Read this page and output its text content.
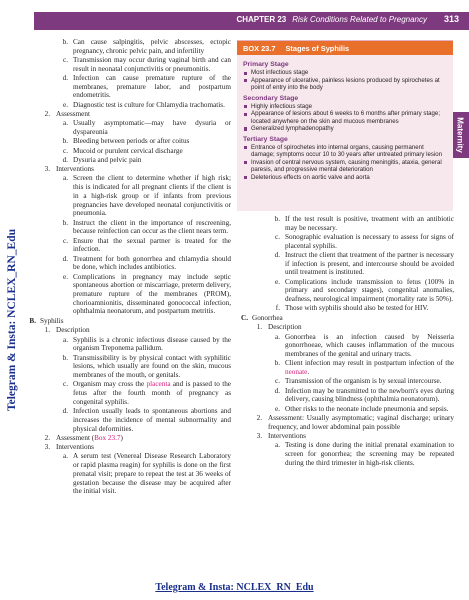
CHAPTER 23 Risk Conditions Related to Pregnancy 313
Maternity
Telegram & Insta: NCLEX_RN_Edu
b. Can cause salpingitis, pelvic abscesses, ectopic pregnancy, chronic pelvic pain, and infertility
c. Transmission may occur during vaginal birth and can result in neonatal conjunctivitis or pneumonitis.
d. Infection can cause premature rupture of the membranes, premature labor, and postpartum endometritis.
e. Diagnostic test is culture for Chlamydia trachomatis.
2. Assessment
a. Usually asymptomatic—may have dysuria or dyspareunia
b. Bleeding between periods or after coitus
c. Mucoid or purulent cervical discharge
d. Dysuria and pelvic pain
3. Interventions
a. Screen the client to determine whether if high risk; this is indicated for all pregnant clients if the client is in a high-risk group or if infants from previous pregnancies have developed neonatal conjunctivitis or pneumonia.
b. Instruct the client in the importance of rescreening, because reinfection can occur as the client nears term.
c. Ensure that the sexual partner is treated for the infection.
d. Treatment for both gonorrhea and chlamydia should be done, which includes antibiotics.
e. Complications in pregnancy may include septic spontaneous abortion or miscarriage, preterm delivery, premature rupture of the membranes (PROM), chorioamnionitis, disseminated gonococcal infection, ophthalmia neonatorum, and postpartum metritis.
B. Syphilis
1. Description
a. Syphilis is a chronic infectious disease caused by the organism Treponema pallidum.
b. Transmissibility is by physical contact with syphilitic lesions, which usually are found on the skin, mucous membranes of the mouth, or genitals.
c. Organism may cross the placenta and is passed to the fetus after the fourth month of pregnancy as congenital syphilis.
d. Infection usually leads to spontaneous abortions and increases the incidence of mental subnormality and physical deformities.
2. Assessment (Box 23.7)
3. Interventions
a. A serum test (Venereal Disease Research Laboratory or rapid plasma reagin) for syphilis is done on the first prenatal visit; prepare to repeat the test at 36 weeks of gestation because the disease may be acquired after the initial visit.
BOX 23.7 Stages of Syphilis
Primary Stage
Most infectious stage
Appearance of ulcerative, painless lesions produced by spirochetes at point of entry into the body
Secondary Stage
Highly infectious stage
Appearance of lesions about 6 weeks to 6 months after primary stage; located anywhere on the skin and mucous membranes
Generalized lymphadenopathy
Tertiary Stage
Entrance of spirochetes into internal organs, causing permanent damage; symptoms occur 10 to 30 years after untreated primary lesion
Invasion of central nervous system, causing meningitis, ataxia, general paresis, and progressive mental deterioration
Deleterious effects on aortic valve and aorta
b. If the test result is positive, treatment with an antibiotic may be necessary.
c. Sonographic evaluation is necessary to assess for signs of placental syphilis.
d. Instruct the client that treatment of the partner is necessary if infection is present, and intercourse should be avoided until treatment is instituted.
e. Complications include transmission to fetus (100% in primary and secondary stages), congenital anomalies, deafness, neurological impairment (mortality rate is 50%).
f. Those with syphilis should also be tested for HIV.
C. Gonorrhea
1. Description
a. Gonorrhea is an infection caused by Neisseria gonorrhoeae, which causes inflammation of the mucous membranes of the genital and urinary tracts.
b. Client infection may result in postpartum infection of the neonate.
c. Transmission of the organism is by sexual intercourse.
d. Infection may be transmitted to the newborn's eyes during delivery, causing blindness (ophthalmia neonatorum).
e. Other risks to the neonate include pneumonia and sepsis.
2. Assessment: Usually asymptomatic; vaginal discharge; urinary frequency, and lower abdominal pain possible
3. Interventions
a. Testing is done during the initial prenatal examination to screen for gonorrhea; the screening may be repeated during the third trimester in high-risk clients.
Telegram & Insta: NCLEX_RN_Edu
